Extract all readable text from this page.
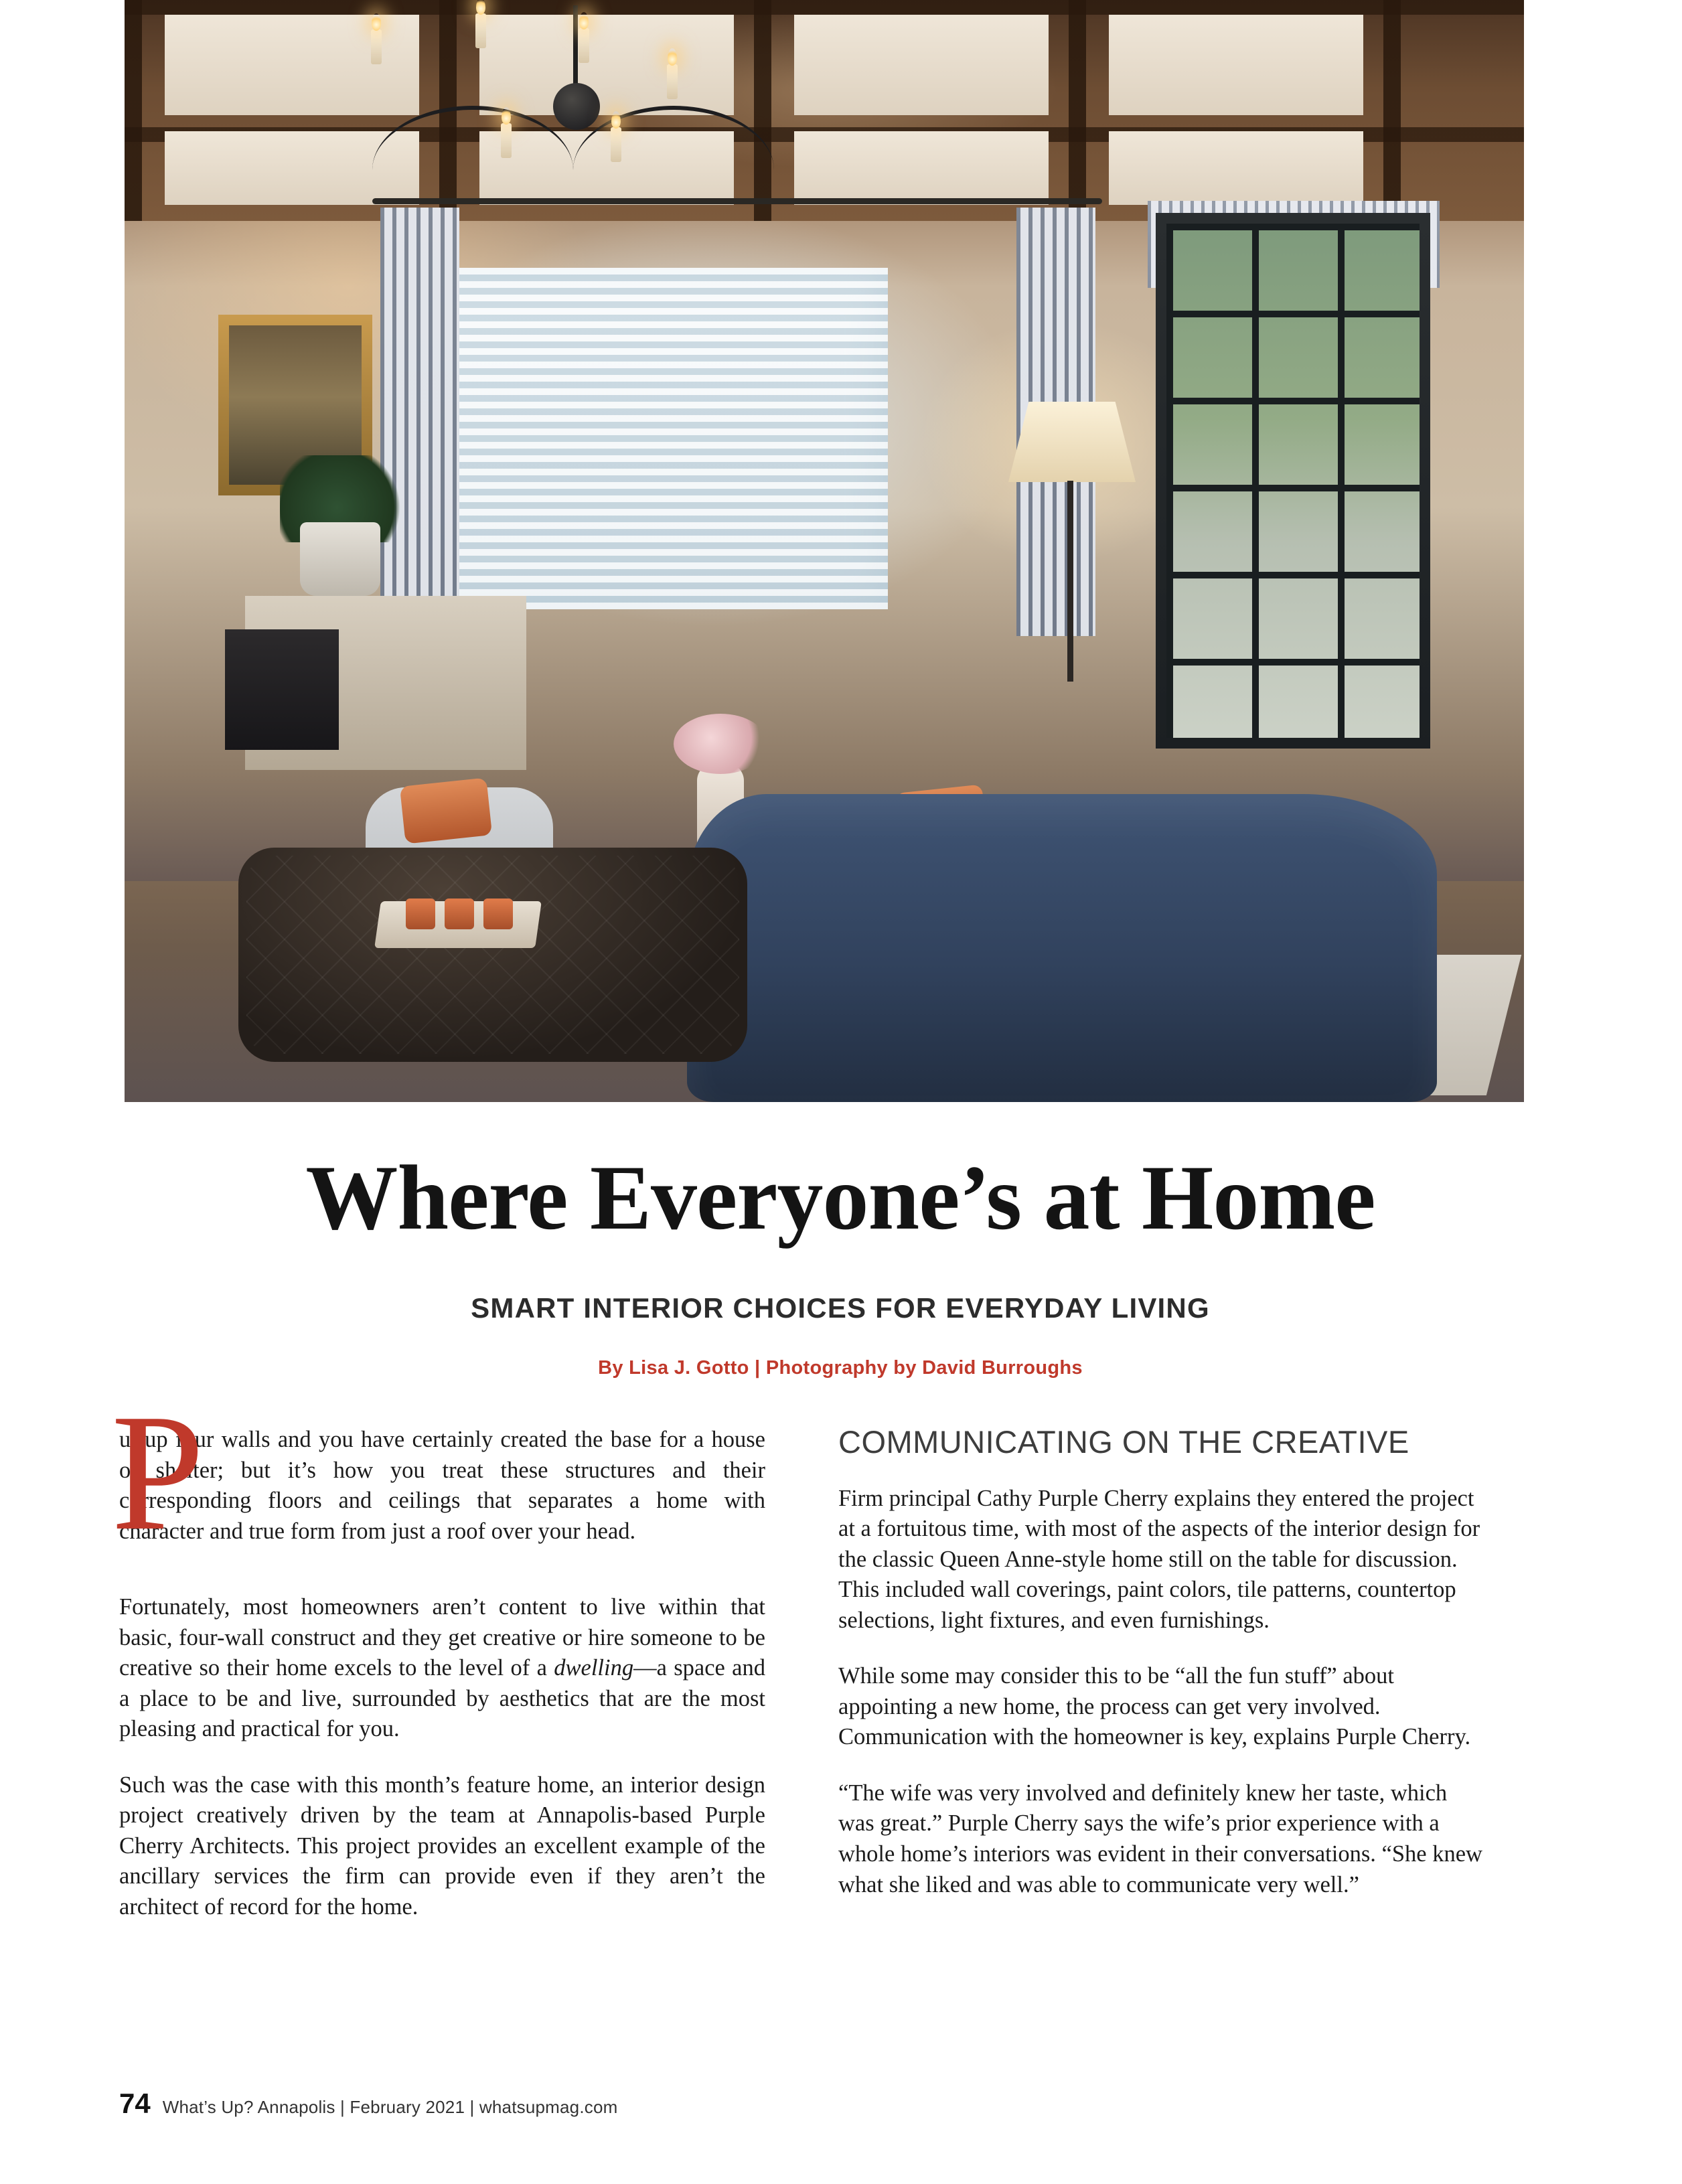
Where Everyone’s at Home
SMART INTERIOR CHOICES FOR EVERYDAY LIVING
By Lisa J. Gotto | Photography by David Burroughs
P

ut up four walls and you have certainly created the base for a house or shelter; but it’s how you treat these structures and their corresponding floors and ceilings that separates a home with character and true form from just a roof over your head.

Fortunately, most homeowners aren’t content to live within that basic, four-wall construct and they get creative or hire someone to be creative so their home excels to the level of a dwelling—a space and a place to be and live, surrounded by aesthetics that are the most pleasing and practical for you.

Such was the case with this month’s feature home, an interior design project creatively driven by the team at Annapolis-based Purple Cherry Architects. This project provides an excellent example of the ancillary services the firm can provide even if they aren’t the architect of record for the home.

COMMUNICATING ON THE CREATIVE

Firm principal Cathy Purple Cherry explains they entered the project at a fortuitous time, with most of the aspects of the interior design for the classic Queen Anne-style home still on the table for discussion. This included wall coverings, paint colors, tile patterns, countertop selections, light fixtures, and even furnishings.

While some may consider this to be “all the fun stuff” about appointing a new home, the process can get very involved. Communication with the homeowner is key, explains Purple Cherry.

“The wife was very involved and definitely knew her taste, which was great.” Purple Cherry says the wife’s prior experience with a whole home’s interiors was evident in their conversations. “She knew what she liked and was able to communicate very well.”

74 What’s Up? Annapolis | February 2021 | whatsupmag.com
